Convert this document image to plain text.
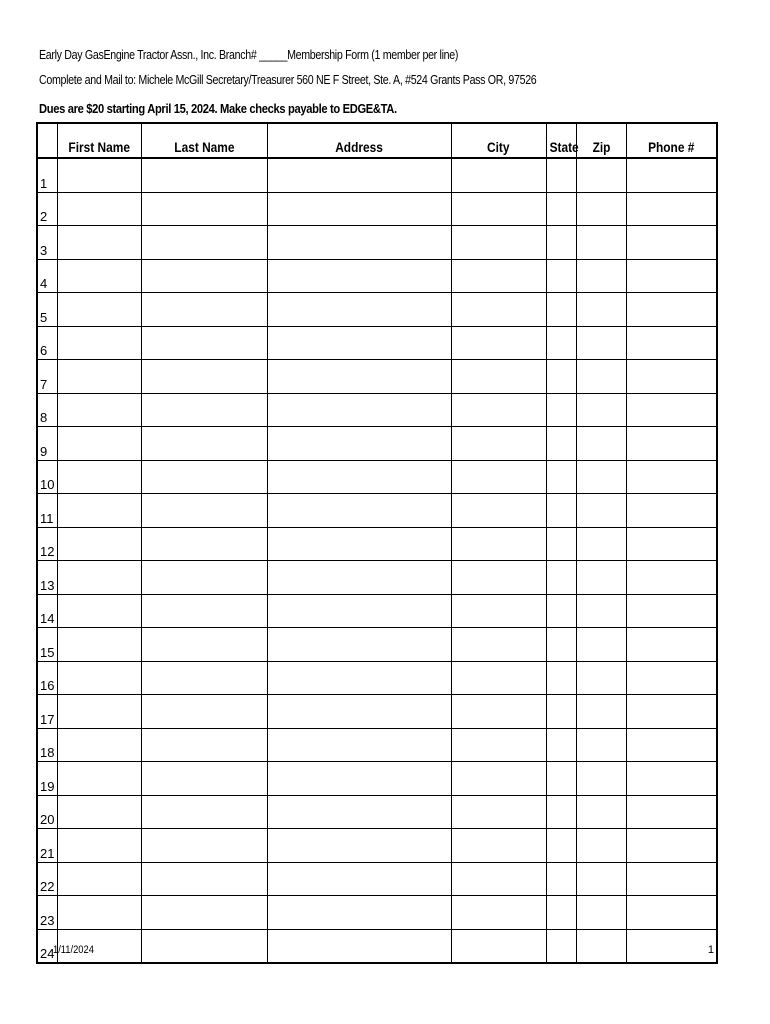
Early Day GasEngine Tractor Assn., Inc. Branch# _____Membership Form (1 member per line)
Complete and Mail to: Michele McGill Secretary/Treasurer 560 NE F Street, Ste. A, #524 Grants Pass OR, 97526
Dues are $20 starting April 15, 2024. Make checks payable to EDGE&TA.
	First Name	Last Name	Address	City	State	Zip	Phone #
1							
2							
3							
4							
5							
6							
7							
8							
9							
10							
11							
12							
13							
14							
15							
16							
17							
18							
19							
20							
21							
22							
23							
24							
1/11/2024	1
